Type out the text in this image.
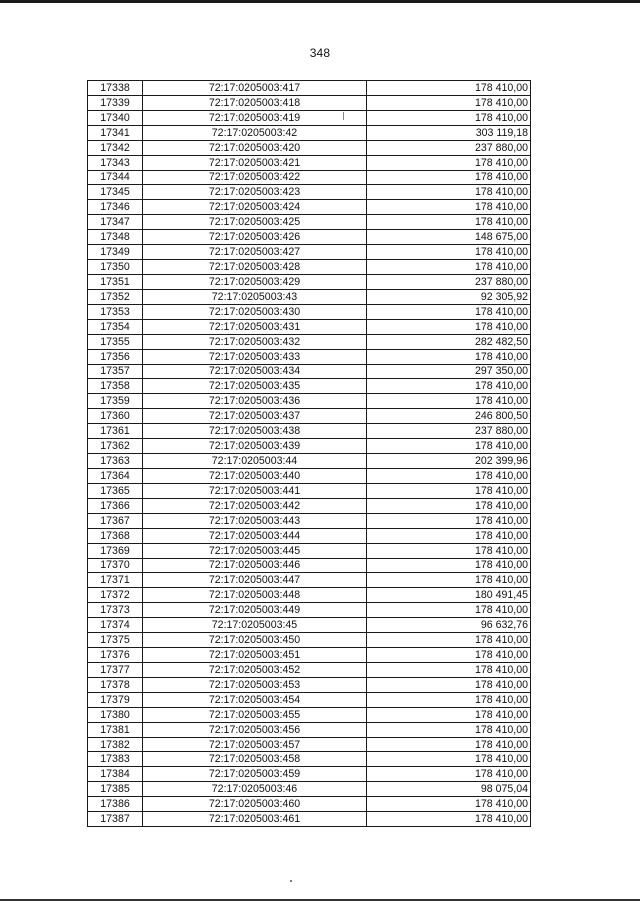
348
17338	72:17:0205003:417	178 410,00
17339	72:17:0205003:418	178 410,00
17340	72:17:0205003:419	178 410,00
17341	72:17:0205003:42	303 119,18
17342	72:17:0205003:420	237 880,00
17343	72:17:0205003:421	178 410,00
17344	72:17:0205003:422	178 410,00
17345	72:17:0205003:423	178 410,00
17346	72:17:0205003:424	178 410,00
17347	72:17:0205003:425	178 410,00
17348	72:17:0205003:426	148 675,00
17349	72:17:0205003:427	178 410,00
17350	72:17:0205003:428	178 410,00
17351	72:17:0205003:429	237 880,00
17352	72:17:0205003:43	92 305,92
17353	72:17:0205003:430	178 410,00
17354	72:17:0205003:431	178 410,00
17355	72:17:0205003:432	282 482,50
17356	72:17:0205003:433	178 410,00
17357	72:17:0205003:434	297 350,00
17358	72:17:0205003:435	178 410,00
17359	72:17:0205003:436	178 410,00
17360	72:17:0205003:437	246 800,50
17361	72:17:0205003:438	237 880,00
17362	72:17:0205003:439	178 410,00
17363	72:17:0205003:44	202 399,96
17364	72:17:0205003:440	178 410,00
17365	72:17:0205003:441	178 410,00
17366	72:17:0205003:442	178 410,00
17367	72:17:0205003:443	178 410,00
17368	72:17:0205003:444	178 410,00
17369	72:17:0205003:445	178 410,00
17370	72:17:0205003:446	178 410,00
17371	72:17:0205003:447	178 410,00
17372	72:17:0205003:448	180 491,45
17373	72:17:0205003:449	178 410,00
17374	72:17:0205003:45	96 632,76
17375	72:17:0205003:450	178 410,00
17376	72:17:0205003:451	178 410,00
17377	72:17:0205003:452	178 410,00
17378	72:17:0205003:453	178 410,00
17379	72:17:0205003:454	178 410,00
17380	72:17:0205003:455	178 410,00
17381	72:17:0205003:456	178 410,00
17382	72:17:0205003:457	178 410,00
17383	72:17:0205003:458	178 410,00
17384	72:17:0205003:459	178 410,00
17385	72:17:0205003:46	98 075,04
17386	72:17:0205003:460	178 410,00
17387	72:17:0205003:461	178 410,00
